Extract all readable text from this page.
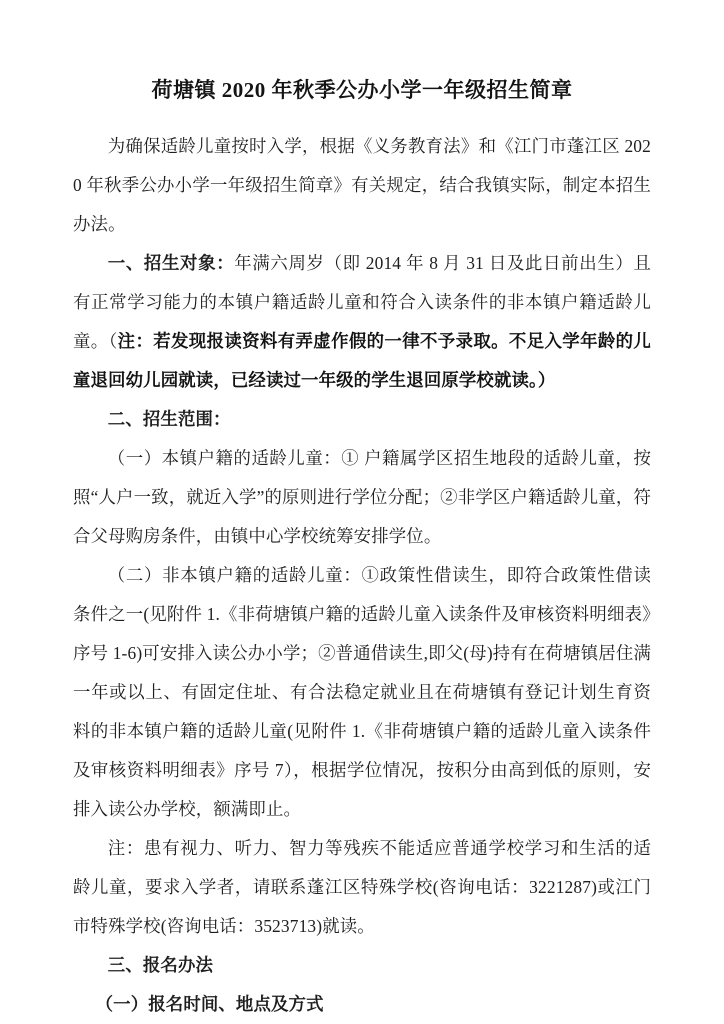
荷塘镇 2020 年秋季公办小学一年级招生简章

为确保适龄儿童按时入学，根据《义务教育法》和《江门市蓬江区 2020 年秋季公办小学一年级招生简章》有关规定，结合我镇实际，制定本招生办法。

一、招生对象：年满六周岁（即 2014 年 8 月 31 日及此日前出生）且有正常学习能力的本镇户籍适龄儿童和符合入读条件的非本镇户籍适龄儿童。（注：若发现报读资料有弄虚作假的一律不予录取。不足入学年龄的儿童退回幼儿园就读，已经读过一年级的学生退回原学校就读。）

二、招生范围：

（一）本镇户籍的适龄儿童：① 户籍属学区招生地段的适龄儿童，按照“人户一致，就近入学”的原则进行学位分配；②非学区户籍适龄儿童，符合父母购房条件，由镇中心学校统筹安排学位。

（二）非本镇户籍的适龄儿童：①政策性借读生，即符合政策性借读条件之一(见附件 1.《非荷塘镇户籍的适龄儿童入读条件及审核资料明细表》序号 1-6)可安排入读公办小学；②普通借读生,即父(母)持有在荷塘镇居住满一年或以上、有固定住址、有合法稳定就业且在荷塘镇有登记计划生育资料的非本镇户籍的适龄儿童(见附件 1.《非荷塘镇户籍的适龄儿童入读条件及审核资料明细表》序号 7），根据学位情况，按积分由高到低的原则，安排入读公办学校，额满即止。

注：患有视力、听力、智力等残疾不能适应普通学校学习和生活的适龄儿童，要求入学者，请联系蓬江区特殊学校(咨询电话：3221287)或江门市特殊学校(咨询电话：3523713)就读。

三、报名办法

（一）报名时间、地点及方式
